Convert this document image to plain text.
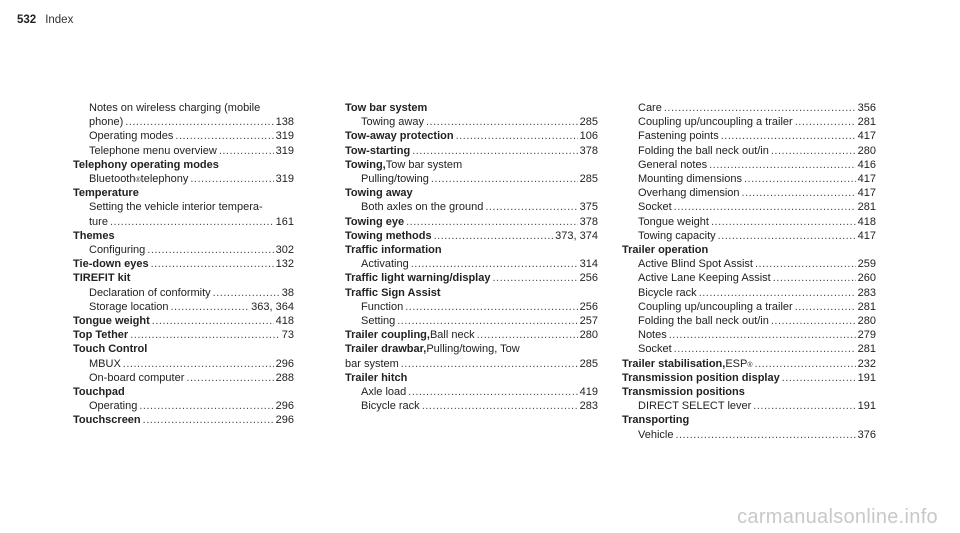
532 Index
Notes on wireless charging (mobile
phone) .....	138
Operating modes .....	319
Telephone menu overview .....	319
Telephony operating modes
Bluetooth ® telephony .....	319
Temperature
Setting the vehicle interior tempera-
ture .....	161
Themes
Configuring .....	302
Tie-down eyes .....	132
TIREFIT kit
Declaration of conformity .....	38
Storage location .....	363, 364
Tongue weight .....	418
Top Tether .....	73
Touch Control
MBUX .....	296
On-board computer .....	288
Touchpad
Operating .....	296
Touchscreen .....	296
Tow bar system
Towing away .....	285
Tow-away protection .....	106
Tow-starting .....	378
Towing, Tow bar system
Pulling/towing .....	285
Towing away
Both axles on the ground .....	375
Towing eye .....	378
Towing methods .....	373, 374
Traffic information
Activating .....	314
Traffic light warning/display .....	256
Traffic Sign Assist
Function .....	256
Setting .....	257
Trailer coupling, Ball neck .....	280
Trailer drawbar, Pulling/towing, Tow
bar system .....	285
Trailer hitch
Axle load .....	419
Bicycle rack .....	283
Care .....	356
Coupling up/uncoupling a trailer .....	281
Fastening points .....	417
Folding the ball neck out/in .....	280
General notes .....	416
Mounting dimensions .....	417
Overhang dimension .....	417
Socket .....	281
Tongue weight .....	418
Towing capacity .....	417
Trailer operation
Active Blind Spot Assist .....	259
Active Lane Keeping Assist .....	260
Bicycle rack .....	283
Coupling up/uncoupling a trailer .....	281
Folding the ball neck out/in .....	280
Notes .....	279
Socket .....	281
Trailer stabilisation, ESP ® .....	232
Transmission position display .....	191
Transmission positions
DIRECT SELECT lever .....	191
Transporting
Vehicle .....	376
carmanualsonline.info
